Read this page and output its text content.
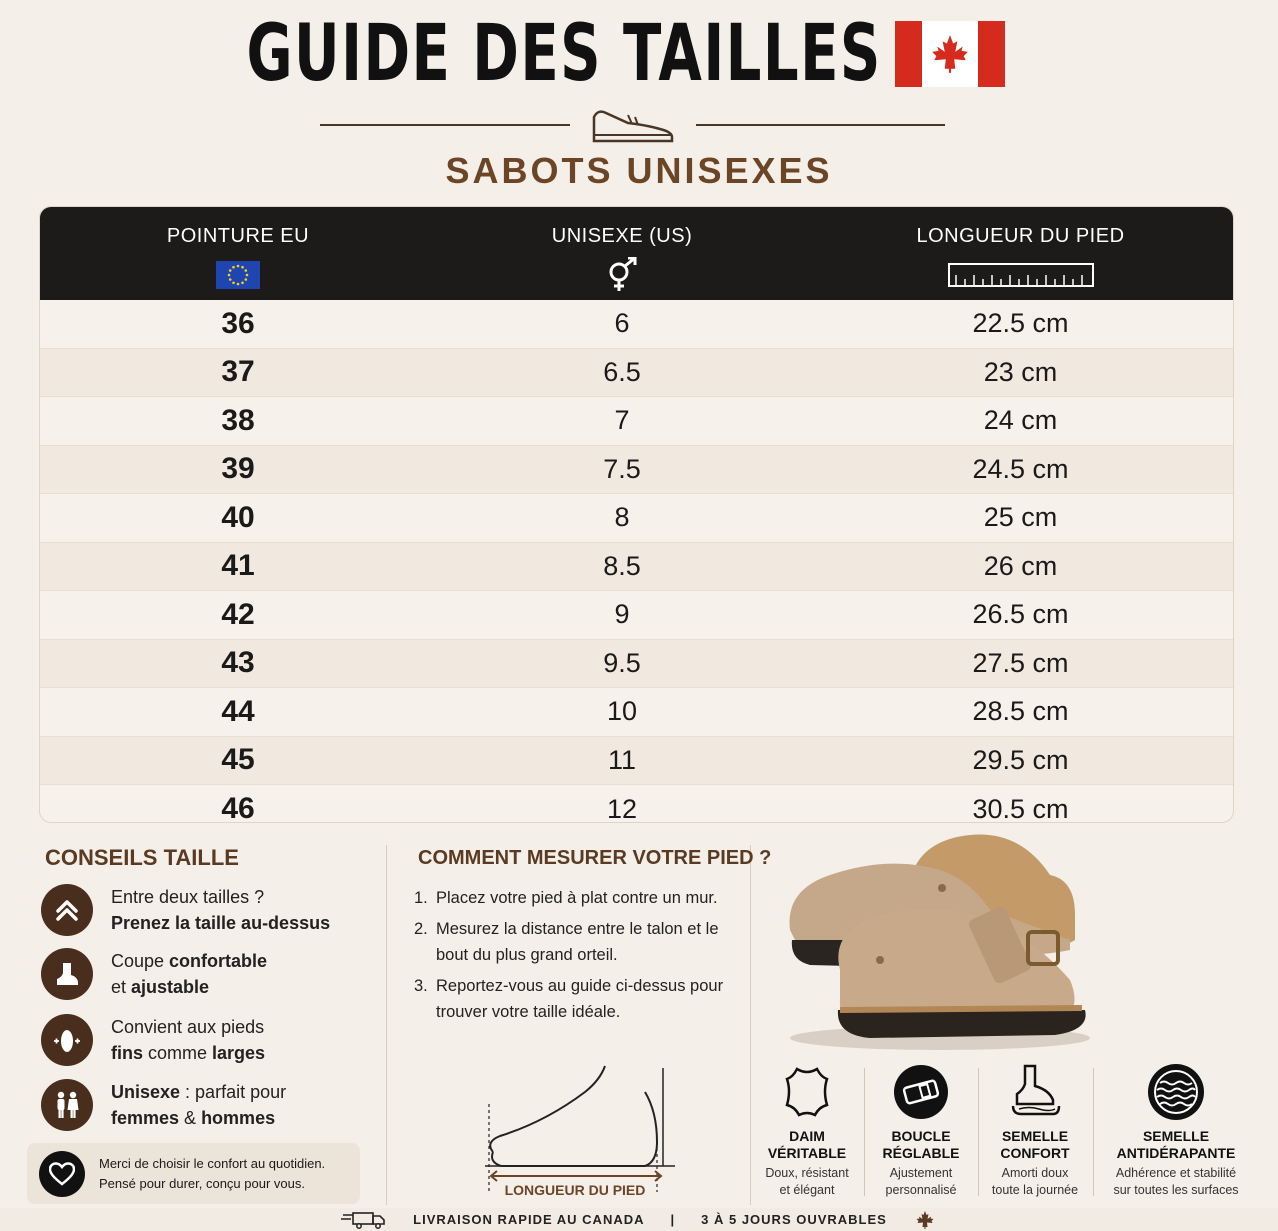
GUIDE DES TAILLES
SABOTS UNISEXES
POINTURE EU	UNISEXE (US)	LONGUEUR DU PIED
36	6	22.5 cm
37	6.5	23 cm
38	7	24 cm
39	7.5	24.5 cm
40	8	25 cm
41	8.5	26 cm
42	9	26.5 cm
43	9.5	27.5 cm
44	10	28.5 cm
45	11	29.5 cm
46	12	30.5 cm
CONSEILS TAILLE
Entre deux tailles ?
Prenez la taille au-dessus
Coupe confortable
et ajustable
Convient aux pieds
fins comme larges
Unisexe : parfait pour
femmes & hommes
Merci de choisir le confort au quotidien.
Pensé pour durer, conçu pour vous.
COMMENT MESURER VOTRE PIED ?
1. Placez votre pied à plat contre un mur.
2. Mesurez la distance entre le talon et le bout du plus grand orteil.
3. Reportez-vous au guide ci-dessus pour trouver votre taille idéale.
LONGUEUR DU PIED
DAIM
VÉRITABLE
Doux, résistant
et élégant
BOUCLE
RÉGLABLE
Ajustement
personnalisé
SEMELLE
CONFORT
Amorti doux
toute la journée
SEMELLE
ANTIDÉRAPANTE
Adhérence et stabilité
sur toutes les surfaces
LIVRAISON RAPIDE AU CANADA | 3 À 5 JOURS OUVRABLES
